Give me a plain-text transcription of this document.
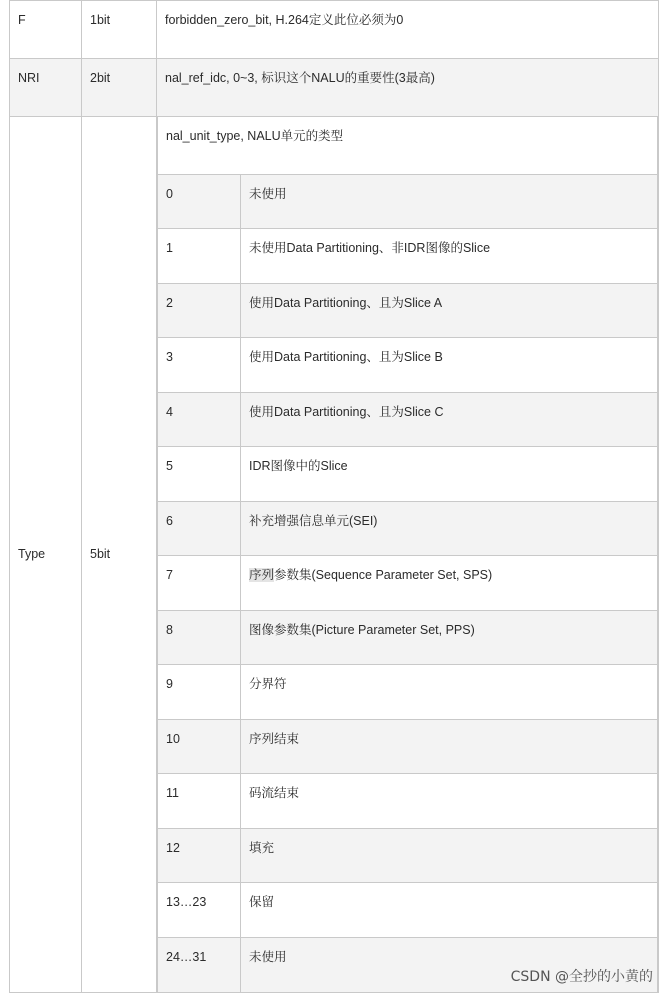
F	1bit	forbidden_zero_bit, H.264定义此位必须为0

NRI	2bit	nal_ref_idc, 0~3, 标识这个NALU的重要性(3最高)

Type	5bit

nal_unit_type, NALU单元的类型

0	未使用

1	未使用Data Partitioning、非IDR图像的Slice

2	使用Data Partitioning、且为Slice A

3	使用Data Partitioning、且为Slice B

4	使用Data Partitioning、且为Slice C

5	IDR图像中的Slice

6	补充增强信息单元(SEI)

7	序列参数集(Sequence Parameter Set, SPS)

8	图像参数集(Picture Parameter Set, PPS)

9	分界符

10	序列结束

11	码流结束

12	填充

13…23	保留

24…31	未使用
CSDN @全抄的小黄的
